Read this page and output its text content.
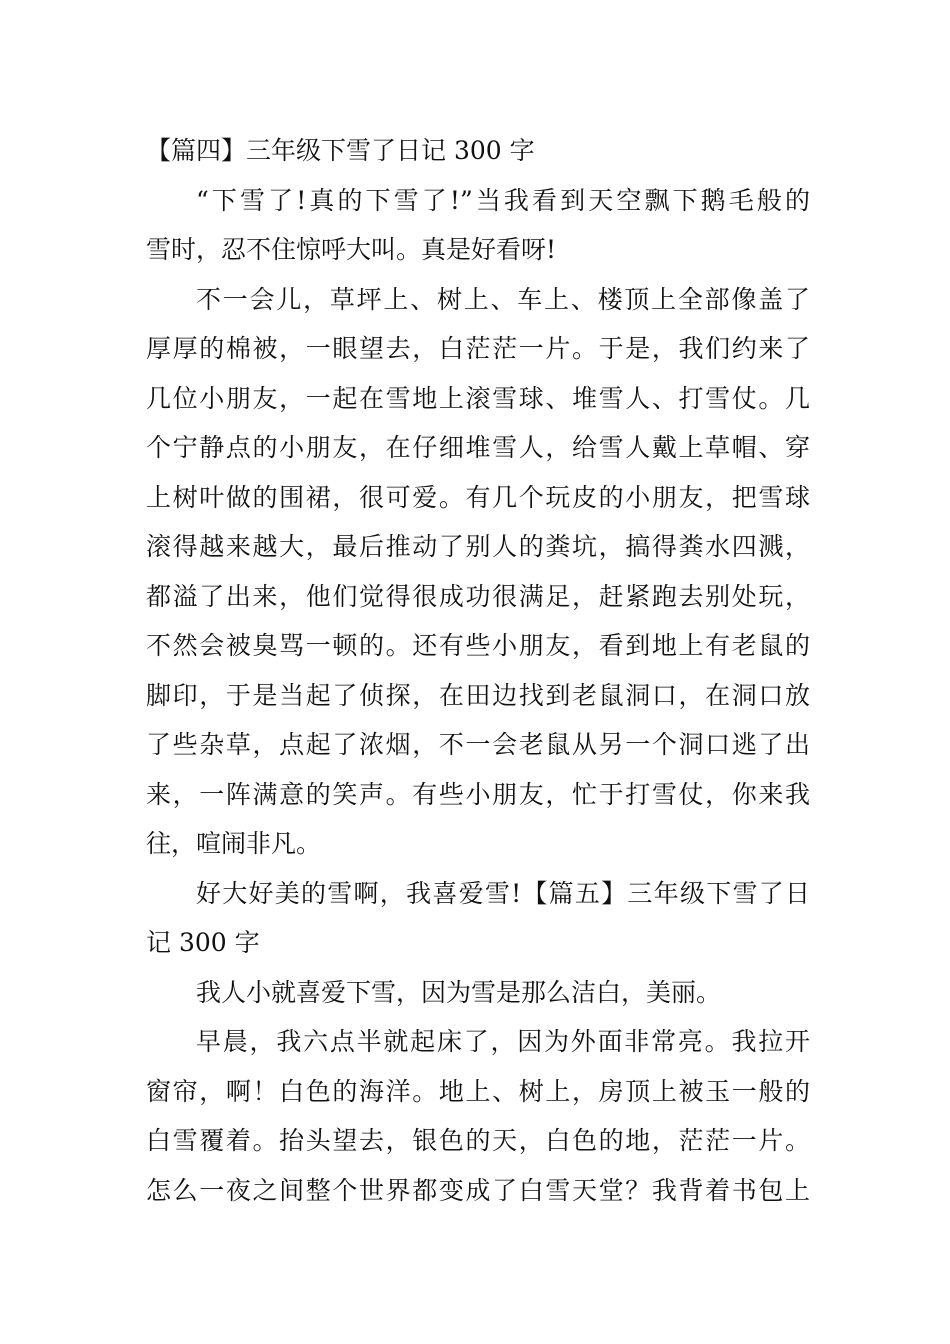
【篇四】三年级下雪了日记 300 字
“下雪了!真的下雪了!”当我看到天空飘下鹅毛般的
雪时，忍不住惊呼大叫。真是好看呀!
不一会儿，草坪上、树上、车上、楼顶上全部像盖了
厚厚的棉被，一眼望去，白茫茫一片。于是，我们约来了
几位小朋友，一起在雪地上滚雪球、堆雪人、打雪仗。几
个宁静点的小朋友，在仔细堆雪人，给雪人戴上草帽、穿
上树叶做的围裙，很可爱。有几个玩皮的小朋友，把雪球
滚得越来越大，最后推动了别人的粪坑，搞得粪水四溅，
都溢了出来，他们觉得很成功很满足，赶紧跑去别处玩，
不然会被臭骂一顿的。还有些小朋友，看到地上有老鼠的
脚印，于是当起了侦探，在田边找到老鼠洞口，在洞口放
了些杂草，点起了浓烟，不一会老鼠从另一个洞口逃了出
来，一阵满意的笑声。有些小朋友，忙于打雪仗，你来我
往，喧闹非凡。
好大好美的雪啊，我喜爱雪!【篇五】三年级下雪了日
记 300 字
我人小就喜爱下雪，因为雪是那么洁白，美丽。
早晨，我六点半就起床了，因为外面非常亮。我拉开
窗帘，啊！白色的海洋。地上、树上，房顶上被玉一般的
白雪覆着。抬头望去，银色的天，白色的地，茫茫一片。
怎么一夜之间整个世界都变成了白雪天堂？我背着书包上
